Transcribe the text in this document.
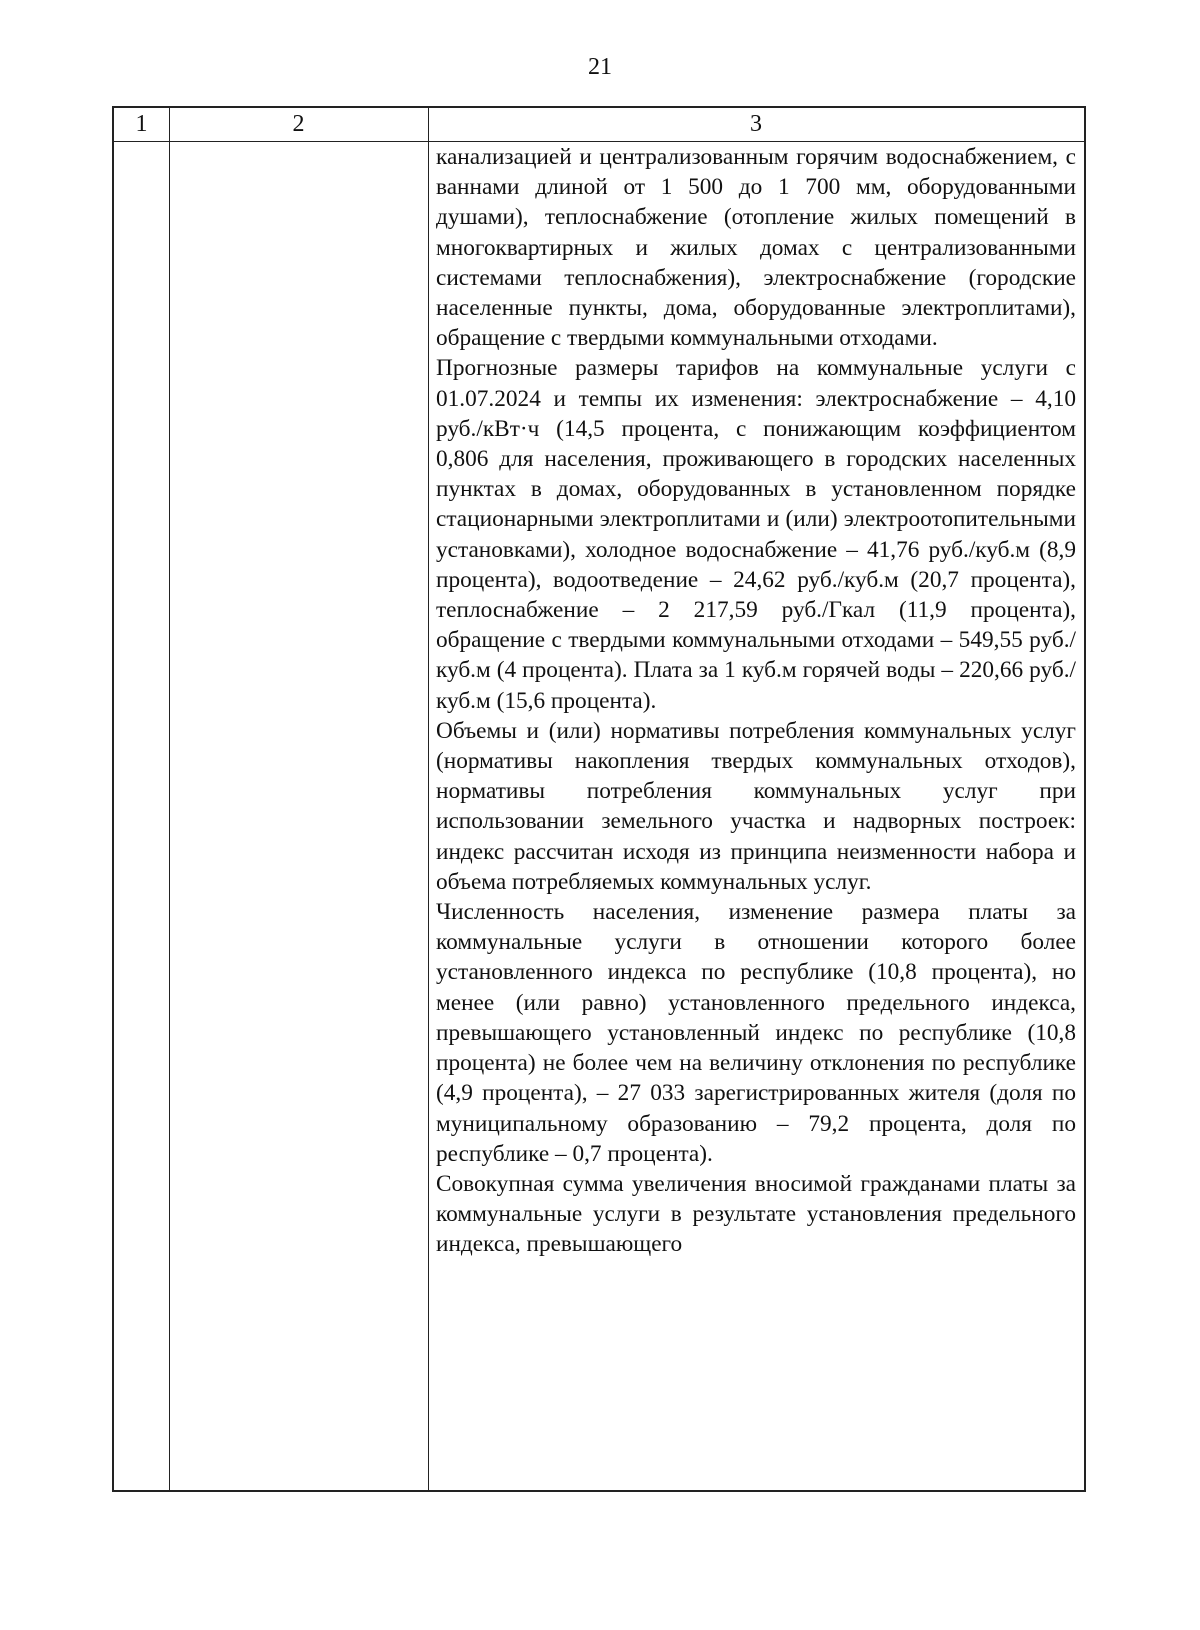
21
1	2	3

канализацией и централизованным горячим водоснабжением, с ваннами длиной от 1 500 до 1 700 мм, оборудованными душами), теплоснабжение (отопление жилых помещений в многоквартирных и жилых домах с централизованными системами теплоснабжения), электроснабжение (городские населенные пункты, дома, оборудованные электроплитами), обращение с твердыми коммунальными отходами.

Прогнозные размеры тарифов на коммунальные услуги с 01.07.2024 и темпы их изменения: электроснабжение – 4,10 руб./кВт·ч (14,5 процента, с понижающим коэффициентом 0,806 для населения, проживающего в городских населенных пунктах в домах, оборудованных в установленном порядке стационарными электроплитами и (или) электроотопительными установками), холодное водоснабжение – 41,76 руб./куб.м (8,9 процента), водоотведение – 24,62 руб./куб.м (20,7 процента), теплоснабжение – 2 217,59 руб./Гкал (11,9 процента), обращение с твердыми коммунальными отходами – 549,55 руб./куб.м (4 процента). Плата за 1 куб.м горячей воды – 220,66 руб./куб.м (15,6 процента).

Объемы и (или) нормативы потребления коммунальных услуг (нормативы накопления твердых коммунальных отходов), нормативы потребления коммунальных услуг при использовании земельного участка и надворных построек: индекс рассчитан исходя из принципа неизменности набора и объема потребляемых коммунальных услуг.

Численность населения, изменение размера платы за коммунальные услуги в отношении которого более установленного индекса по республике (10,8 процента), но менее (или равно) установленного предельного индекса, превышающего установленный индекс по республике (10,8 процента) не более чем на величину отклонения по республике (4,9 процента), – 27 033 зарегистрированных жителя (доля по муниципальному образованию – 79,2 процента, доля по республике – 0,7 процента).

Совокупная сумма увеличения вносимой гражданами платы за коммунальные услуги в результате установления предельного индекса, превышающего
